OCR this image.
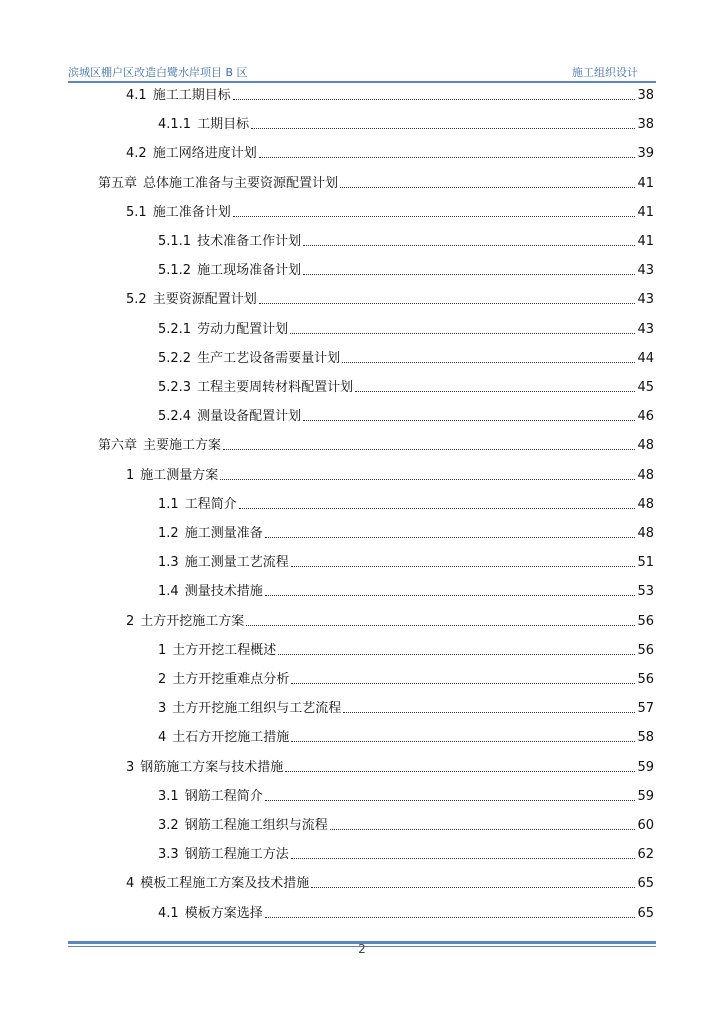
滨城区棚户区改造白鹭水岸项目 B 区	施工组织设计
4.1 施工工期目标	38
4.1.1 工期目标	38
4.2 施工网络进度计划	39
第五章 总体施工准备与主要资源配置计划	41
5.1 施工准备计划	41
5.1.1 技术准备工作计划	41
5.1.2 施工现场准备计划	43
5.2 主要资源配置计划	43
5.2.1 劳动力配置计划	43
5.2.2 生产工艺设备需要量计划	44
5.2.3 工程主要周转材料配置计划	45
5.2.4 测量设备配置计划	46
第六章 主要施工方案	48
1 施工测量方案	48
1.1 工程简介	48
1.2 施工测量准备	48
1.3 施工测量工艺流程	51
1.4 测量技术措施	53
2 土方开挖施工方案	56
1 土方开挖工程概述	56
2 土方开挖重难点分析	56
3 土方开挖施工组织与工艺流程	57
4 土石方开挖施工措施	58
3 钢筋施工方案与技术措施	59
3.1 钢筋工程简介	59
3.2 钢筋工程施工组织与流程	60
3.3 钢筋工程施工方法	62
4 模板工程施工方案及技术措施	65
4.1 模板方案选择	65
2
